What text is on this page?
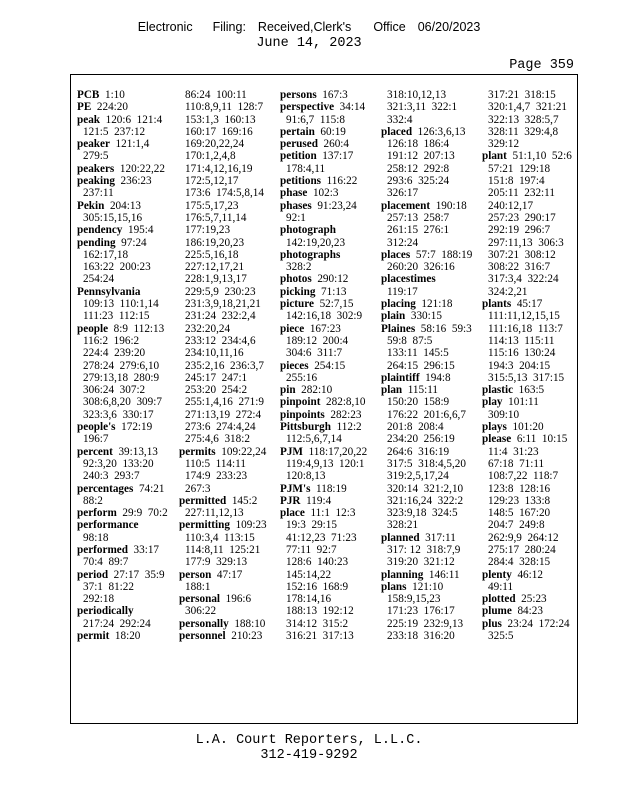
Electronic Filing: Received,Clerk's Office 06/20/2023
June 14, 2023
Page 359
PCB 1:10
PE 224:20
peak 120:6  121:4
121:5  237:12
peaker 121:1,4
279:5
peakers 120:22,22
peaking 236:23
237:11
Pekin 204:13
305:15,15,16
pendency 195:4
pending 97:24
162:17,18
163:22  200:23
254:24
Pennsylvania
109:13  110:1,14
111:23  112:15
people 8:9  112:13
116:2  196:2
224:4  239:20
278:24  279:6,10
279:13,18  280:9
306:24  307:2
308:6,8,20  309:7
323:3,6  330:17
people's 172:19
196:7
percent 39:13,13
92:3,20  133:20
240:3  293:7
percentages 74:21
88:2
perform 29:9  70:2
performance
98:18
performed 33:17
70:4  89:7
period 27:17  35:9
37:1  81:22
292:18
periodically
217:24  292:24
permit 18:20
86:24  100:11
110:8,9,11  128:7
153:1,3  160:13
160:17  169:16
169:20,22,24
170:1,2,4,8
171:4,12,16,19
172:5,12,17
173:6  174:5,8,14
175:5,17,23
176:5,7,11,14
177:19,23
186:19,20,23
225:5,16,18
227:12,17,21
228:1,9,13,17
229:5,9  230:23
231:3,9,18,21,21
231:24  232:2,4
232:20,24
233:12  234:4,6
234:10,11,16
235:2,16  236:3,7
245:17  247:1
253:20  254:2
255:1,4,16  271:9
271:13,19  272:4
273:6  274:4,24
275:4,6  318:2
permits 109:22,24
110:5  114:11
174:9  233:23
267:3
permitted 145:2
227:11,12,13
permitting 109:23
110:3,4  113:15
114:8,11  125:21
177:9  329:13
person 47:17
188:1
personal 196:6
306:22
personally 188:10
personnel 210:23
persons 167:3
perspective 34:14
91:6,7  115:8
pertain 60:19
perused 260:4
petition 137:17
178:4,11
petitions 116:22
phase 102:3
phases 91:23,24
92:1
photograph
142:19,20,23
photographs
328:2
photos 290:12
picking 71:13
picture 52:7,15
142:16,18  302:9
piece 167:23
189:12  200:4
304:6  311:7
pieces 254:15
255:16
pin 282:10
pinpoint 282:8,10
pinpoints 282:23
Pittsburgh 112:2
112:5,6,7,14
PJM 118:17,20,22
119:4,9,13  120:1
120:8,13
PJM's 118:19
PJR 119:4
place 11:1  12:3
19:3  29:15
41:12,23  71:23
77:11  92:7
128:6  140:23
145:14,22
152:16  168:9
178:14,16
188:13  192:12
314:12  315:2
316:21  317:13
318:10,12,13
321:3,11  322:1
332:4
placed 126:3,6,13
126:18  186:4
191:12  207:13
258:12  292:8
293:6  325:24
326:17
placement 190:18
257:13  258:7
261:15  276:1
312:24
places 57:7  188:19
260:20  326:16
placestimes
119:17
placing 121:18
plain 330:15
Plaines 58:16  59:3
59:8  87:5
133:11  145:5
264:15  296:15
plaintiff 194:8
plan 115:11
150:20  158:9
176:22  201:6,6,7
201:8  208:4
234:20  256:19
264:6  316:19
317:5  318:4,5,20
319:2,5,17,24
320:14  321:2,10
321:16,24  322:2
323:9,18  324:5
328:21
planned 317:11
317: 12  318:7,9
319:20  321:12
planning 146:11
plans 121:10
158:9,15,23
171:23  176:17
225:19  232:9,13
233:18  316:20
317:21  318:15
320:1,4,7  321:21
322:13  328:5,7
328:11  329:4,8
329:12
plant 51:1,10  52:6
57:21  129:18
151:8  197:4
205:11  232:11
240:12,17
257:23  290:17
292:19  296:7
297:11,13  306:3
307:21  308:12
308:22  316:7
317:3,4  322:24
324:2,21
plants 45:17
111:11,12,15,15
111:16,18  113:7
114:13  115:11
115:16  130:24
194:3  204:15
315:5,13  317:15
plastic 163:5
play 101:11
309:10
plays 101:20
please 6:11  10:15
11:4  31:23
67:18  71:11
108:7,22  118:7
123:8  128:16
129:23  133:8
148:5  167:20
204:7  249:8
262:9,9  264:12
275:17  280:24
284:4  328:15
plenty 46:12
49:11
plotted 25:23
plume 84:23
plus 23:24  172:24
325:5
L.A. Court Reporters, L.L.C.
312-419-9292
